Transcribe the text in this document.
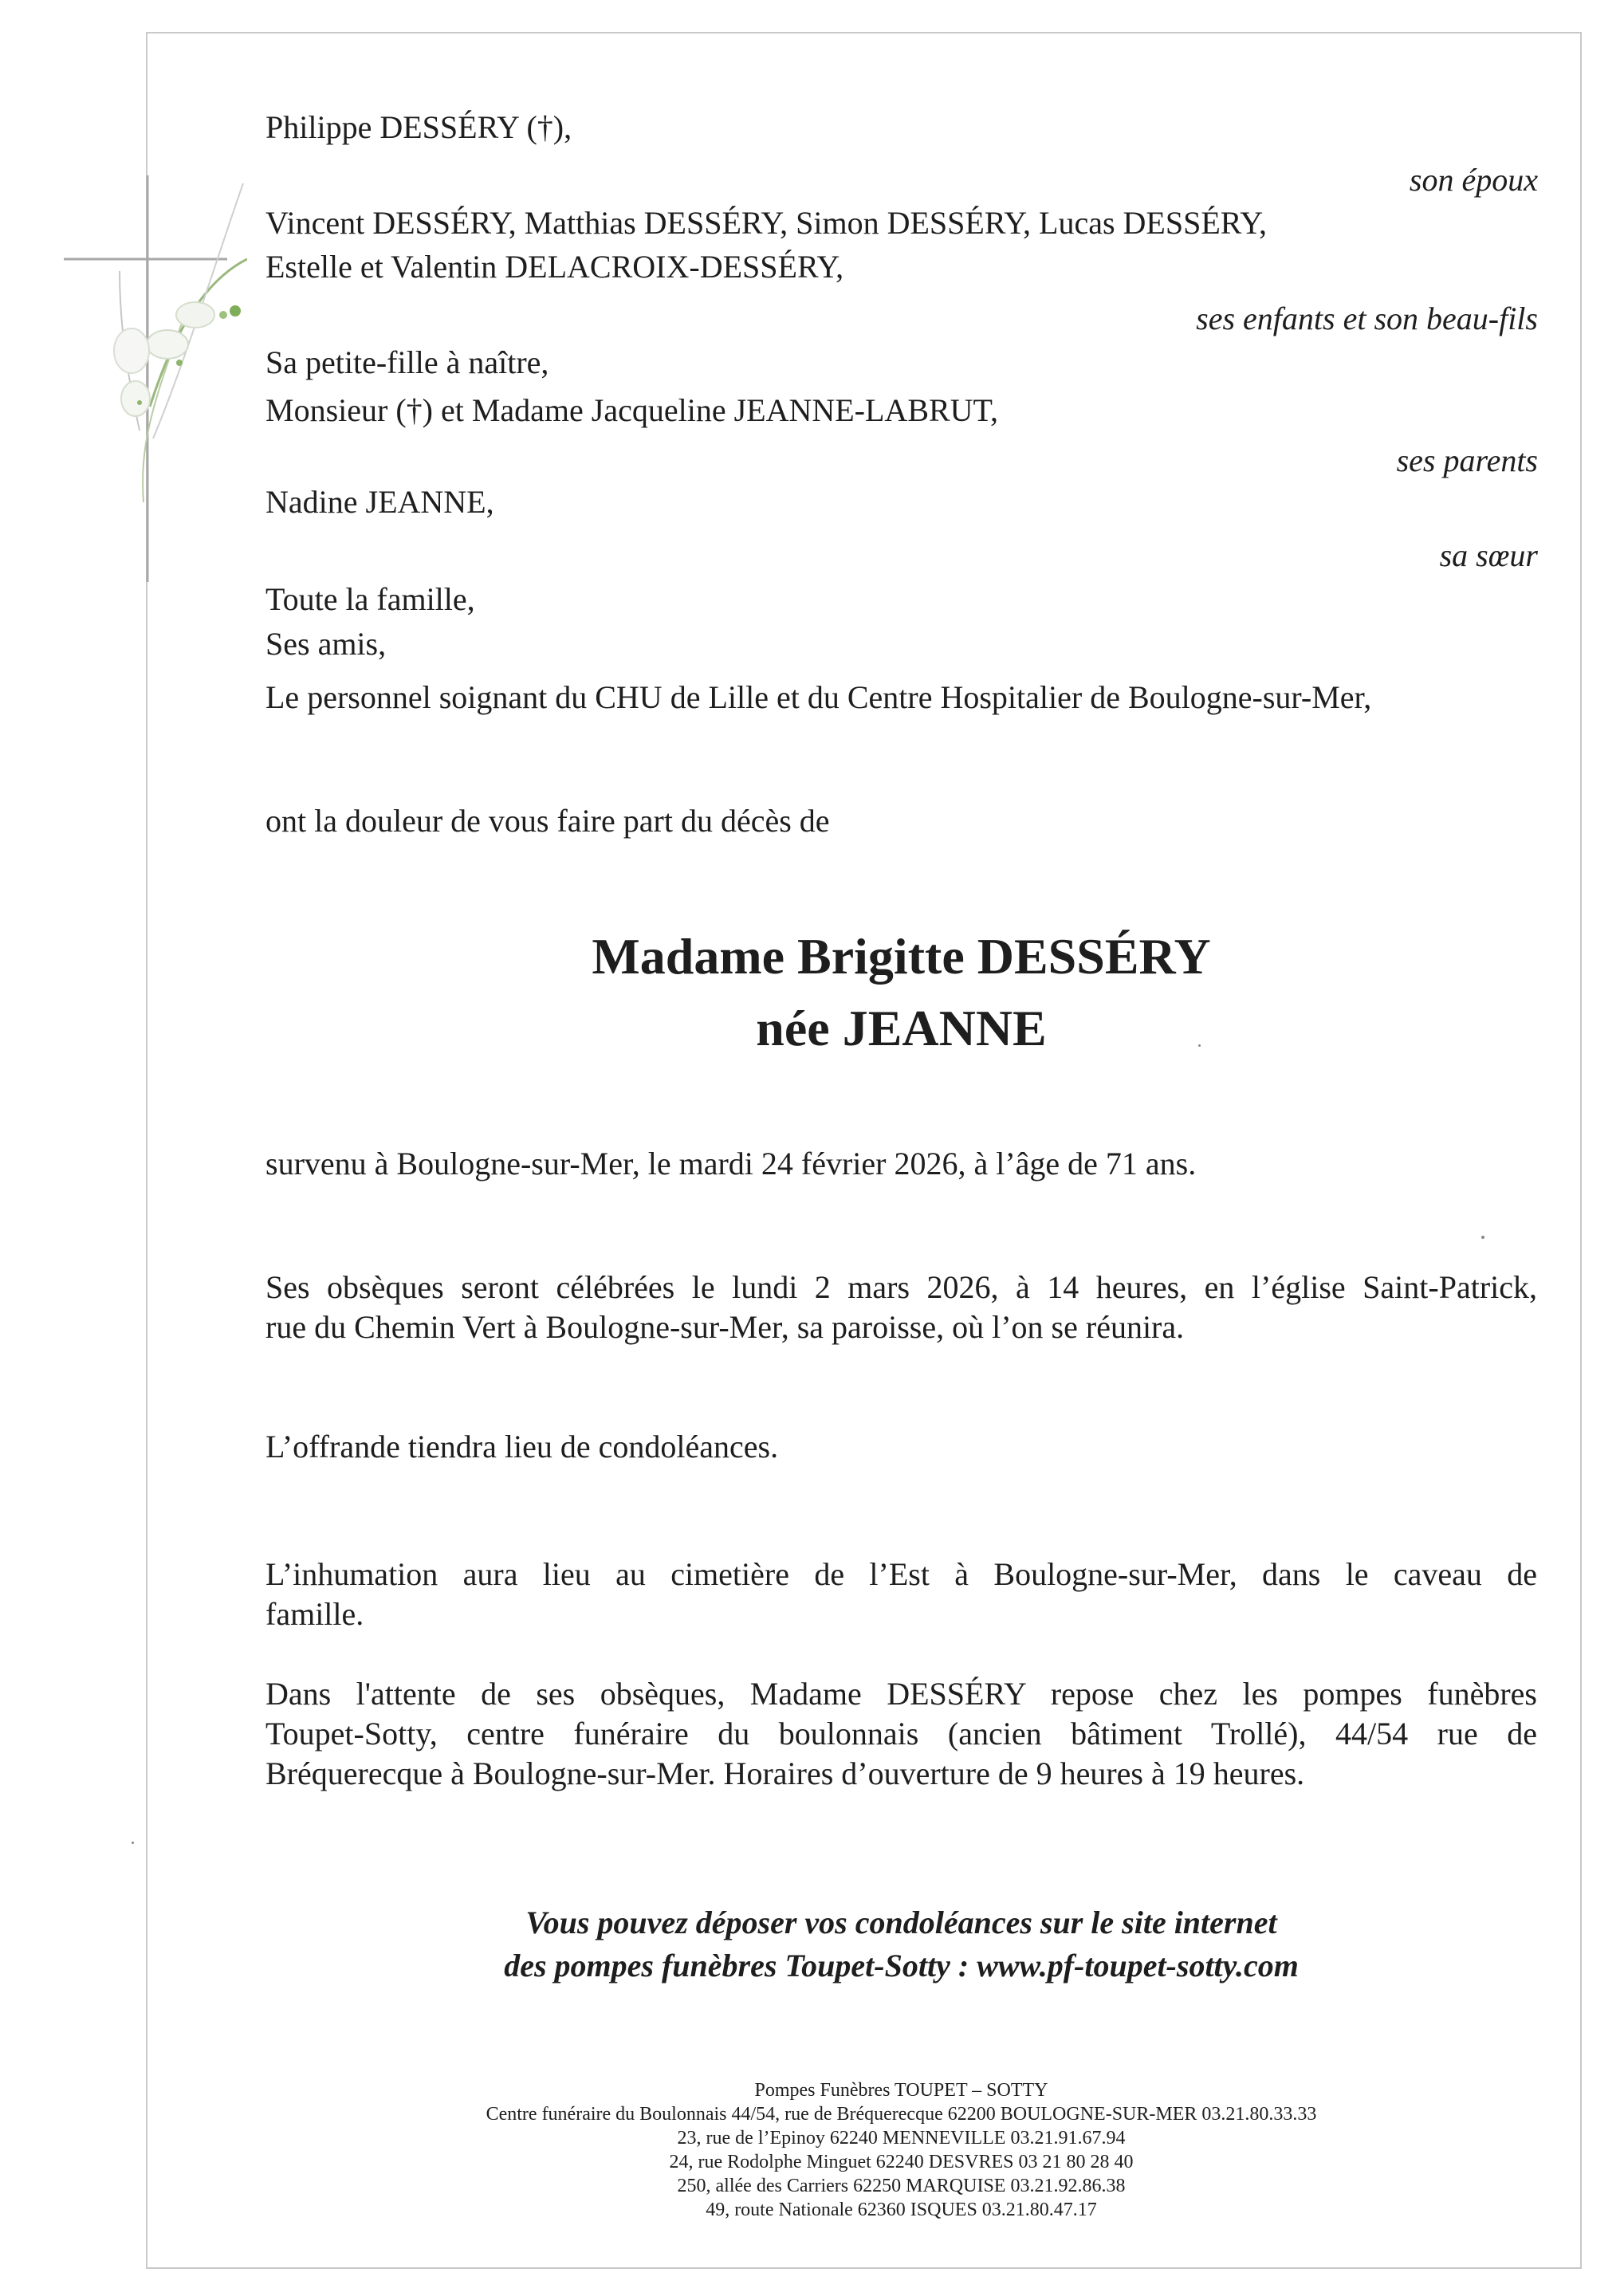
Philippe DESSÉRY (†),
son époux
Vincent DESSÉRY, Matthias DESSÉRY, Simon DESSÉRY, Lucas DESSÉRY,
Estelle et Valentin DELACROIX-DESSÉRY,
ses enfants et son beau-fils
Sa petite-fille à naître,
Monsieur (†) et Madame Jacqueline JEANNE-LABRUT,
ses parents
Nadine JEANNE,
sa sœur
Toute la famille,
Ses amis,
Le personnel soignant du CHU de Lille et du Centre Hospitalier de Boulogne-sur-Mer,
ont la douleur de vous faire part du décès de
Madame Brigitte DESSÉRY
née JEANNE
survenu à Boulogne-sur-Mer, le mardi 24 février 2026, à l’âge de 71 ans.
Ses obsèques seront célébrées le lundi 2 mars 2026, à 14 heures, en l’église Saint-Patrick,
rue du Chemin Vert à Boulogne-sur-Mer, sa paroisse, où l’on se réunira.
L’offrande tiendra lieu de condoléances.
L’inhumation aura lieu au cimetière de l’Est à Boulogne-sur-Mer, dans le caveau de
famille.
Dans l'attente de ses obsèques, Madame DESSÉRY repose chez les pompes funèbres
Toupet-Sotty, centre funéraire du boulonnais (ancien bâtiment Trollé), 44/54 rue de
Bréquerecque à Boulogne-sur-Mer. Horaires d’ouverture de 9 heures à 19 heures.
Vous pouvez déposer vos condoléances sur le site internet
des pompes funèbres Toupet-Sotty : www.pf-toupet-sotty.com
Pompes Funèbres TOUPET – SOTTY
Centre funéraire du Boulonnais 44/54, rue de Bréquerecque 62200 BOULOGNE-SUR-MER 03.21.80.33.33
23, rue de l’Epinoy 62240 MENNEVILLE 03.21.91.67.94
24, rue Rodolphe Minguet 62240 DESVRES 03 21 80 28 40
250, allée des Carriers 62250 MARQUISE 03.21.92.86.38
49, route Nationale 62360 ISQUES 03.21.80.47.17
